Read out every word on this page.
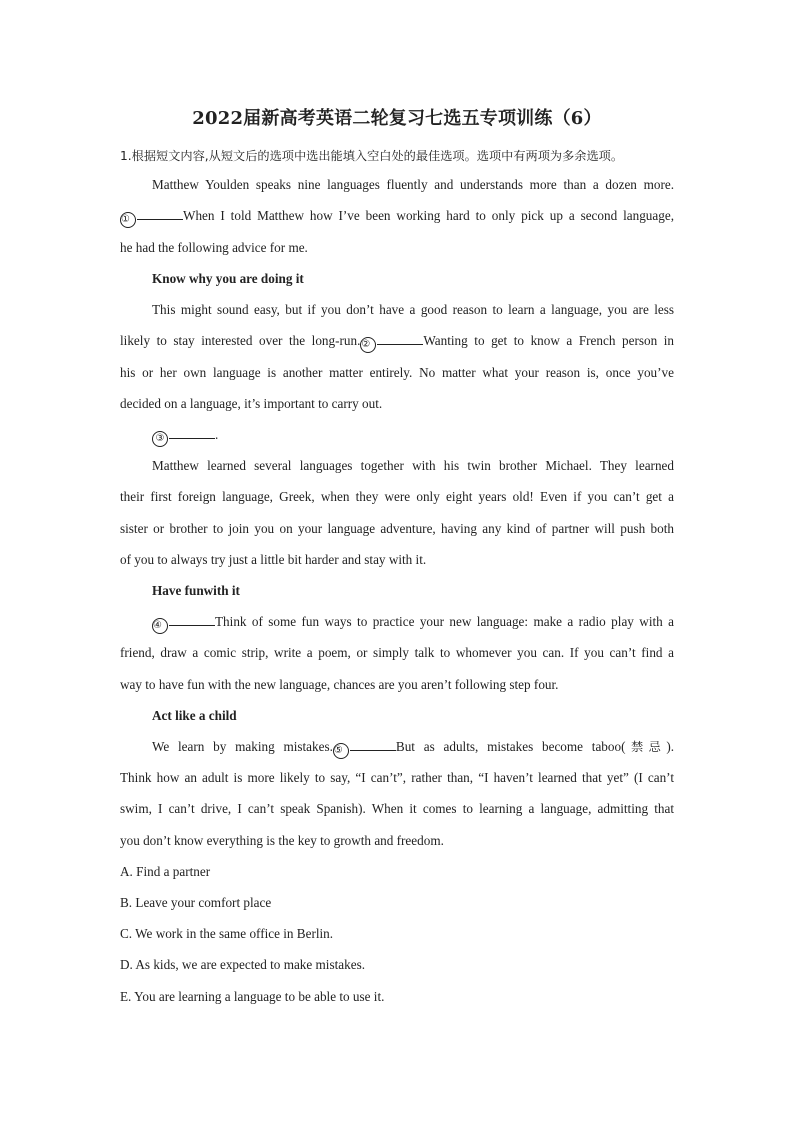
2022届新高考英语二轮复习七选五专项训练（6）
1.根据短文内容,从短文后的选项中选出能填入空白处的最佳选项。选项中有两项为多余选项。
Matthew Youlden speaks nine languages fluently and understands more than a dozen more.
①	When I told Matthew how I’ve been working hard to only pick up a second language,
he had the following advice for me.
Know why you are doing it
This might sound easy, but if you don’t have a good reason to learn a language, you are less
likely to stay interested over the long-run.②	Wanting to get to know a French person in
his or her own language is another matter entirely. No matter what your reason is, once you’ve
decided on a language, it’s important to carry out.
③	.
Matthew learned several languages together with his twin brother Michael. They learned
their first foreign language, Greek, when they were only eight years old! Even if you can’t get a
sister or brother to join you on your language adventure, having any kind of partner will push both
of you to always try just a little bit harder and stay with it.
Have funwith it
④	Think of some fun ways to practice your new language: make a radio play with a
friend, draw a comic strip, write a poem, or simply talk to whomever you can. If you can’t find a
way to have fun with the new language, chances are you aren’t following step four.
Act like a child
We learn by making mistakes.⑤	But as adults, mistakes become taboo(禁忌).
Think how an adult is more likely to say, “I can’t”, rather than, “I haven’t learned that yet” (I can’t
swim, I can’t drive, I can’t speak Spanish). When it comes to learning a language, admitting that
you don’t know everything is the key to growth and freedom.
A. Find a partner
B. Leave your comfort place
C. We work in the same office in Berlin.
D. As kids, we are expected to make mistakes.
E. You are learning a language to be able to use it.
